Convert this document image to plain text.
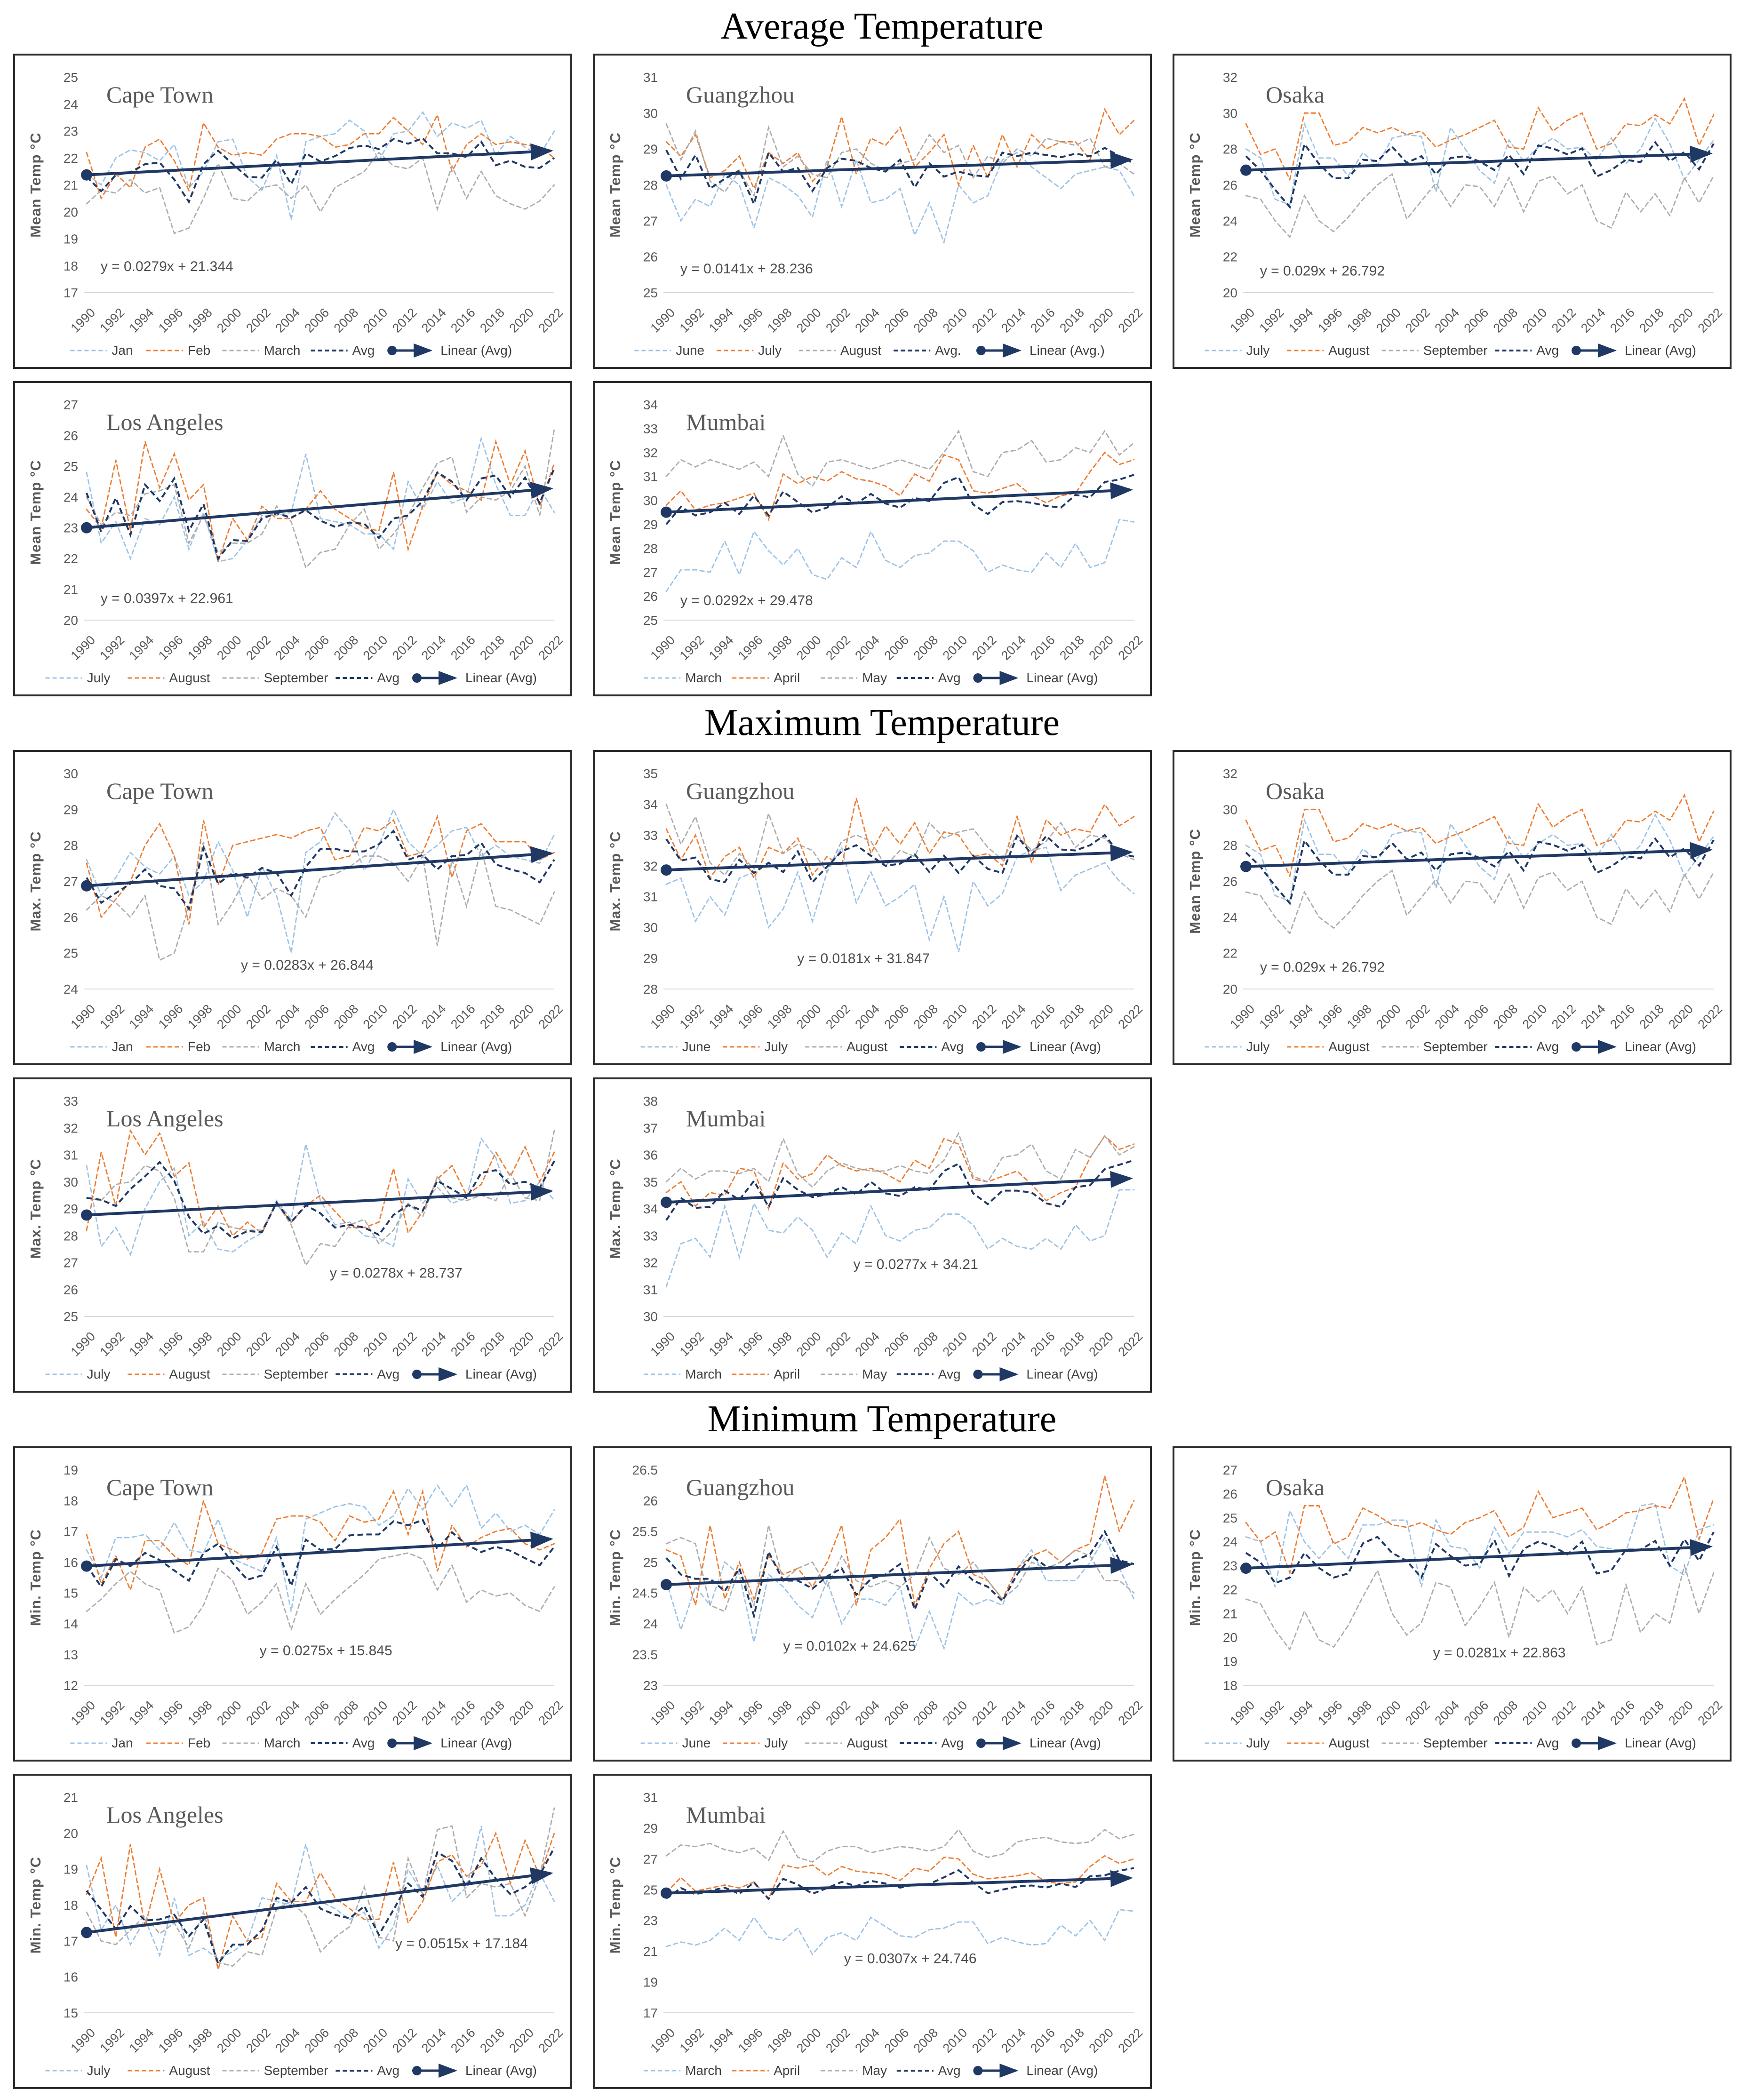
Average Temperature
17
18
19
20
21
22
23
24
25
Mean Temp °C
Cape Town
1990
1992
1994
1996
1998
2000
2002
2004
2006
2008
2010
2012
2014
2016
2018
2020
2022
y = 0.0279x + 21.344
Jan	Feb	March	Avg	Linear (Avg)
25
26
27
28
29
30
31
Mean Temp °C
Guangzhou
1990
1992
1994
1996
1998
2000
2002
2004
2006
2008
2010
2012
2014
2016
2018
2020
2022
y = 0.0141x + 28.236
June	July	August	Avg.	Linear (Avg.)
20
22
24
26
28
30
32
Mean Temp °C
Osaka
1990
1992
1994
1996
1998
2000
2002
2004
2006
2008
2010
2012
2014
2016
2018
2020
2022
y = 0.029x + 26.792
July	August	September	Avg	Linear (Avg)
20
21
22
23
24
25
26
27
Mean Temp °C
Los Angeles
1990
1992
1994
1996
1998
2000
2002
2004
2006
2008
2010
2012
2014
2016
2018
2020
2022
y = 0.0397x + 22.961
July	August	September	Avg	Linear (Avg)
25
26
27
28
29
30
31
32
33
34
Mean Temp °C
Mumbai
1990
1992
1994
1996
1998
2000
2002
2004
2006
2008
2010
2012
2014
2016
2018
2020
2022
y = 0.0292x + 29.478
March	April	May	Avg	Linear (Avg)
Maximum Temperature
24
25
26
27
28
29
30
Max. Temp °C
Cape Town
1990
1992
1994
1996
1998
2000
2002
2004
2006
2008
2010
2012
2014
2016
2018
2020
2022
y = 0.0283x + 26.844
Jan	Feb	March	Avg	Linear (Avg)
28
29
30
31
32
33
34
35
Max. Temp °C
Guangzhou
1990
1992
1994
1996
1998
2000
2002
2004
2006
2008
2010
2012
2014
2016
2018
2020
2022
y = 0.0181x + 31.847
June	July	August	Avg	Linear (Avg)
20
22
24
26
28
30
32
Mean Temp °C
Osaka
1990
1992
1994
1996
1998
2000
2002
2004
2006
2008
2010
2012
2014
2016
2018
2020
2022
y = 0.029x + 26.792
July	August	September	Avg	Linear (Avg)
25
26
27
28
29
30
31
32
33
Max. Temp °C
Los Angeles
1990
1992
1994
1996
1998
2000
2002
2004
2006
2008
2010
2012
2014
2016
2018
2020
2022
y = 0.0278x + 28.737
July	August	September	Avg	Linear (Avg)
30
31
32
33
34
35
36
37
38
Max. Temp °C
Mumbai
1990
1992
1994
1996
1998
2000
2002
2004
2006
2008
2010
2012
2014
2016
2018
2020
2022
y = 0.0277x + 34.21
March	April	May	Avg	Linear (Avg)
Minimum Temperature
12
13
14
15
16
17
18
19
Min. Temp °C
Cape Town
1990
1992
1994
1996
1998
2000
2002
2004
2006
2008
2010
2012
2014
2016
2018
2020
2022
y = 0.0275x + 15.845
Jan	Feb	March	Avg	Linear (Avg)
23
23.5
24
24.5
25
25.5
26
26.5
Min. Temp °C
Guangzhou
1990
1992
1994
1996
1998
2000
2002
2004
2006
2008
2010
2012
2014
2016
2018
2020
2022
y = 0.0102x + 24.625
June	July	August	Avg	Linear (Avg)
18
19
20
21
22
23
24
25
26
27
Min. Temp °C
Osaka
1990
1992
1994
1996
1998
2000
2002
2004
2006
2008
2010
2012
2014
2016
2018
2020
2022
y = 0.0281x + 22.863
July	August	September	Avg	Linear (Avg)
15
16
17
18
19
20
21
Min. Temp °C
Los Angeles
1990
1992
1994
1996
1998
2000
2002
2004
2006
2008
2010
2012
2014
2016
2018
2020
2022
y = 0.0515x + 17.184
July	August	September	Avg	Linear (Avg)
17
19
21
23
25
27
29
31
Min. Temp °C
Mumbai
1990
1992
1994
1996
1998
2000
2002
2004
2006
2008
2010
2012
2014
2016
2018
2020
2022
y = 0.0307x + 24.746
March	April	May	Avg	Linear (Avg)
